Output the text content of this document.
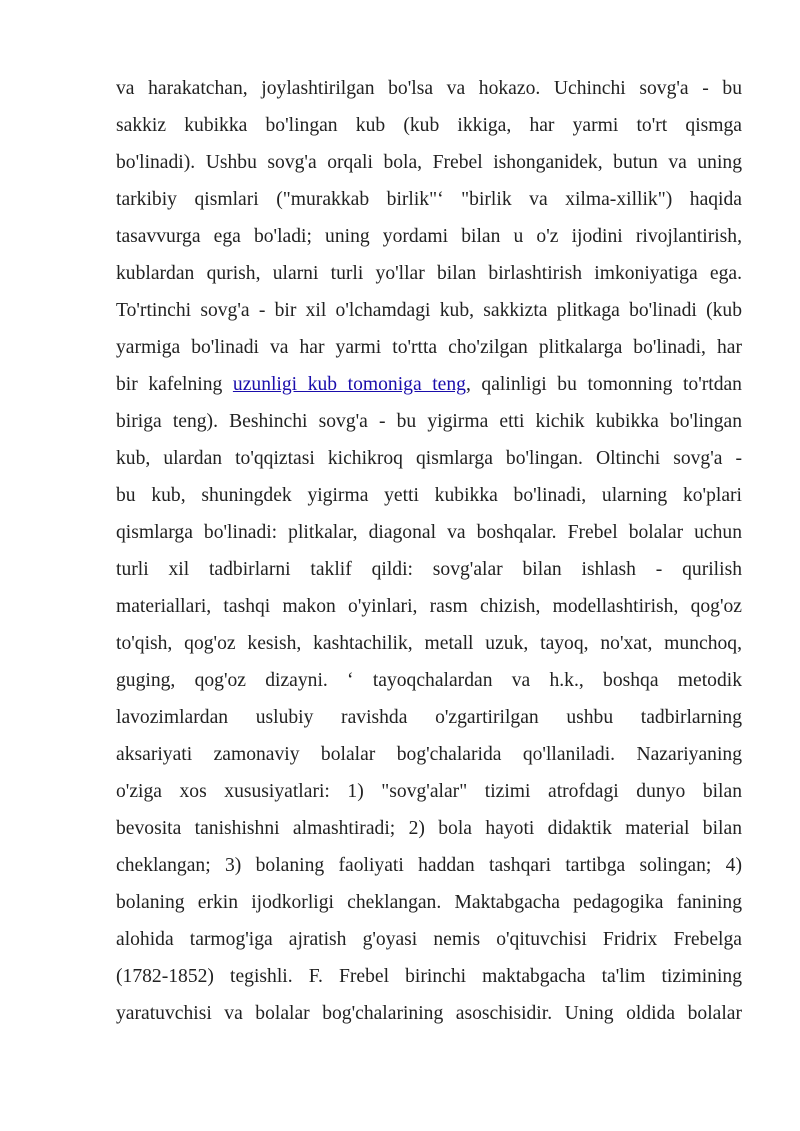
va harakatchan, joylashtirilgan bo'lsa va hokazo. Uchinchi sovg'a - bu
sakkiz kubikka bo'lingan kub (kub ikkiga, har yarmi to'rt qismga
bo'linadi). Ushbu sovg'a orqali bola, Frebel ishonganidek, butun va uning
tarkibiy qismlari ("murakkab birlik"‘ "birlik va xilma-xillik") haqida
tasavvurga ega bo'ladi; uning yordami bilan u o'z ijodini rivojlantirish,
kublardan qurish, ularni turli yo'llar bilan birlashtirish imkoniyatiga ega.
To'rtinchi sovg'a - bir xil o'lchamdagi kub, sakkizta plitkaga bo'linadi (kub
yarmiga bo'linadi va har yarmi to'rtta cho'zilgan plitkalarga bo'linadi, har
bir kafelning uzunligi kub tomoniga teng, qalinligi bu tomonning to'rtdan
biriga teng). Beshinchi sovg'a - bu yigirma etti kichik kubikka bo'lingan
kub, ulardan to'qqiztasi kichikroq qismlarga bo'lingan. Oltinchi sovg'a -
bu kub, shuningdek yigirma yetti kubikka bo'linadi, ularning ko'plari
qismlarga bo'linadi: plitkalar, diagonal va boshqalar. Frebel bolalar uchun
turli xil tadbirlarni taklif qildi: sovg'alar bilan ishlash - qurilish
materiallari, tashqi makon o'yinlari, rasm chizish, modellashtirish, qog'oz
to'qish, qog'oz kesish, kashtachilik, metall uzuk, tayoq, no'xat, munchoq,
guging, qog'oz dizayni. ‘ tayoqchalardan va h.k., boshqa metodik
lavozimlardan uslubiy ravishda o'zgartirilgan ushbu tadbirlarning
aksariyati zamonaviy bolalar bog'chalarida qo'llaniladi. Nazariyaning
o'ziga xos xususiyatlari: 1) "sovg'alar" tizimi atrofdagi dunyo bilan
bevosita tanishishni almashtiradi; 2) bola hayoti didaktik material bilan
cheklangan; 3) bolaning faoliyati haddan tashqari tartibga solingan; 4)
bolaning erkin ijodkorligi cheklangan. Maktabgacha pedagogika fanining
alohida tarmog'iga ajratish g'oyasi nemis o'qituvchisi Fridrix Frebelga
(1782-1852) tegishli. F. Frebel birinchi maktabgacha ta'lim tizimining
yaratuvchisi va bolalar bog'chalarining asoschisidir. Uning oldida bolalar
